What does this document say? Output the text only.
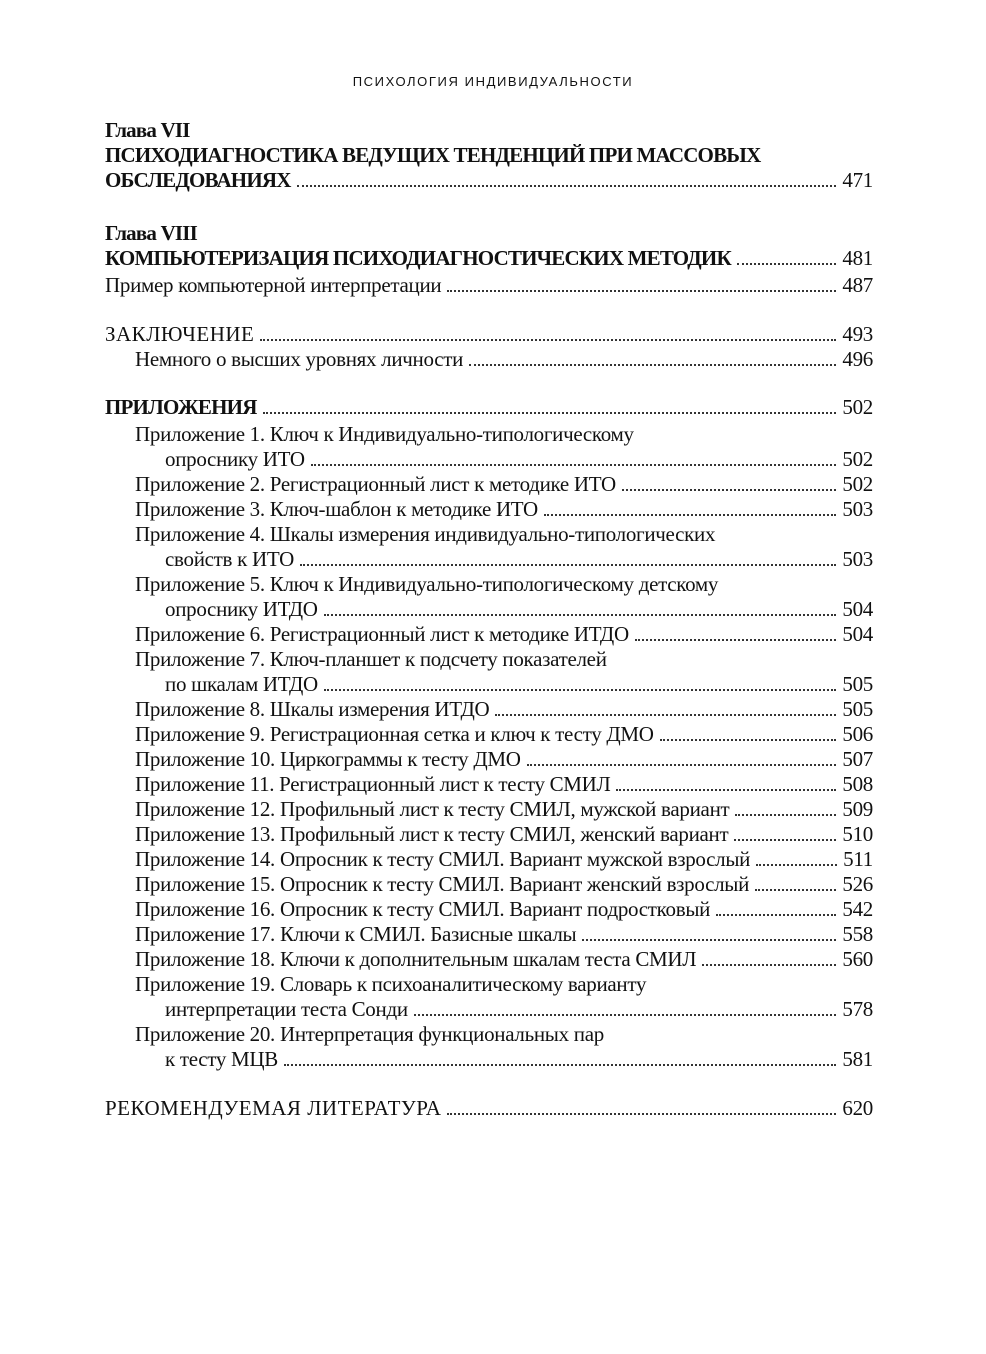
ПСИХОЛОГИЯ ИНДИВИДУАЛЬНОСТИ
Глава VII
ПСИХОДИАГНОСТИКА ВЕДУЩИХ ТЕНДЕНЦИЙ ПРИ МАССОВЫХ
ОБСЛЕДОВАНИЯХ	471
Глава VIII
КОМПЬЮТЕРИЗАЦИЯ ПСИХОДИАГНОСТИЧЕСКИХ МЕТОДИК	481
Пример компьютерной интерпретации	487
ЗАКЛЮЧЕНИЕ	493
Немного о высших уровнях личности	496
ПРИЛОЖЕНИЯ	502
Приложение 1. Ключ к Индивидуально-типологическому
опроснику ИТО	502
Приложение 2. Регистрационный лист к методике ИТО	502
Приложение 3. Ключ-шаблон к методике ИТО	503
Приложение 4. Шкалы измерения индивидуально-типологических
свойств к ИТО	503
Приложение 5. Ключ к Индивидуально-типологическому детскому
опроснику ИТДО	504
Приложение 6. Регистрационный лист к методике ИТДО	504
Приложение 7. Ключ-планшет к подсчету показателей
по шкалам ИТДО	505
Приложение 8. Шкалы измерения ИТДО	505
Приложение 9. Регистрационная сетка и ключ к тесту ДМО	506
Приложение 10. Циркограммы к тесту ДМО	507
Приложение 11. Регистрационный лист к тесту СМИЛ	508
Приложение 12. Профильный лист к тесту СМИЛ, мужской вариант	509
Приложение 13. Профильный лист к тесту СМИЛ, женский вариант	510
Приложение 14. Опросник к тесту СМИЛ. Вариант мужской взрослый	511
Приложение 15. Опросник к тесту СМИЛ. Вариант женский взрослый	526
Приложение 16. Опросник к тесту СМИЛ. Вариант подростковый	542
Приложение 17. Ключи к СМИЛ. Базисные шкалы	558
Приложение 18. Ключи к дополнительным шкалам теста СМИЛ	560
Приложение 19. Словарь к психоаналитическому варианту
интерпретации теста Сонди	578
Приложение 20. Интерпретация функциональных пар
к тесту МЦВ	581
РЕКОМЕНДУЕМАЯ ЛИТЕРАТУРА	620
